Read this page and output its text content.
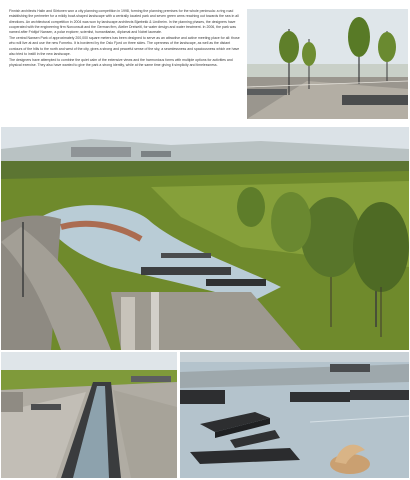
Finnish architects Halin and Siirtonen won a city planning competition in 1998, forming the planning premises for the whole peninsula: a ring road establishing the perimeter for a mildly bowl-shaped landscape with a centrally located park and seven green arms reaching out towards the sea in all directions. An architectural competition in 2004 was won by landscape architects Bjørbekk & Lindheim. In the planning phases, the designers have cooperated with the engineering firm Norconsult and the German firm, Atelier Dreiseitl, for water design and water treatment. In 2006, the park was named after Fridtjof Nansen, a polar explorer, scientist, humanitarian, diplomat and Nobel laureate.

The central Nansen Park of approximately 200,000 square meters has been designed to serve as an attractive and active meeting place for all: those who will live at and use the new Fornebu. It is bordered by the Oslo Fjord on three sides. The openness of the landscape, as well as the distant contours of the hills to the north and west of the city, gives a strong and peaceful sense of the sky, a seamlessness and spaciousness which we have also tried to instill in the new landscape.

The designers have attempted to combine the quiet calm of the extensive views and the harmonious forms with multiple options for activities and physical exercise. They also have wanted to give the park a strong identity, while at the same time giving it simplicity and timelessness.
